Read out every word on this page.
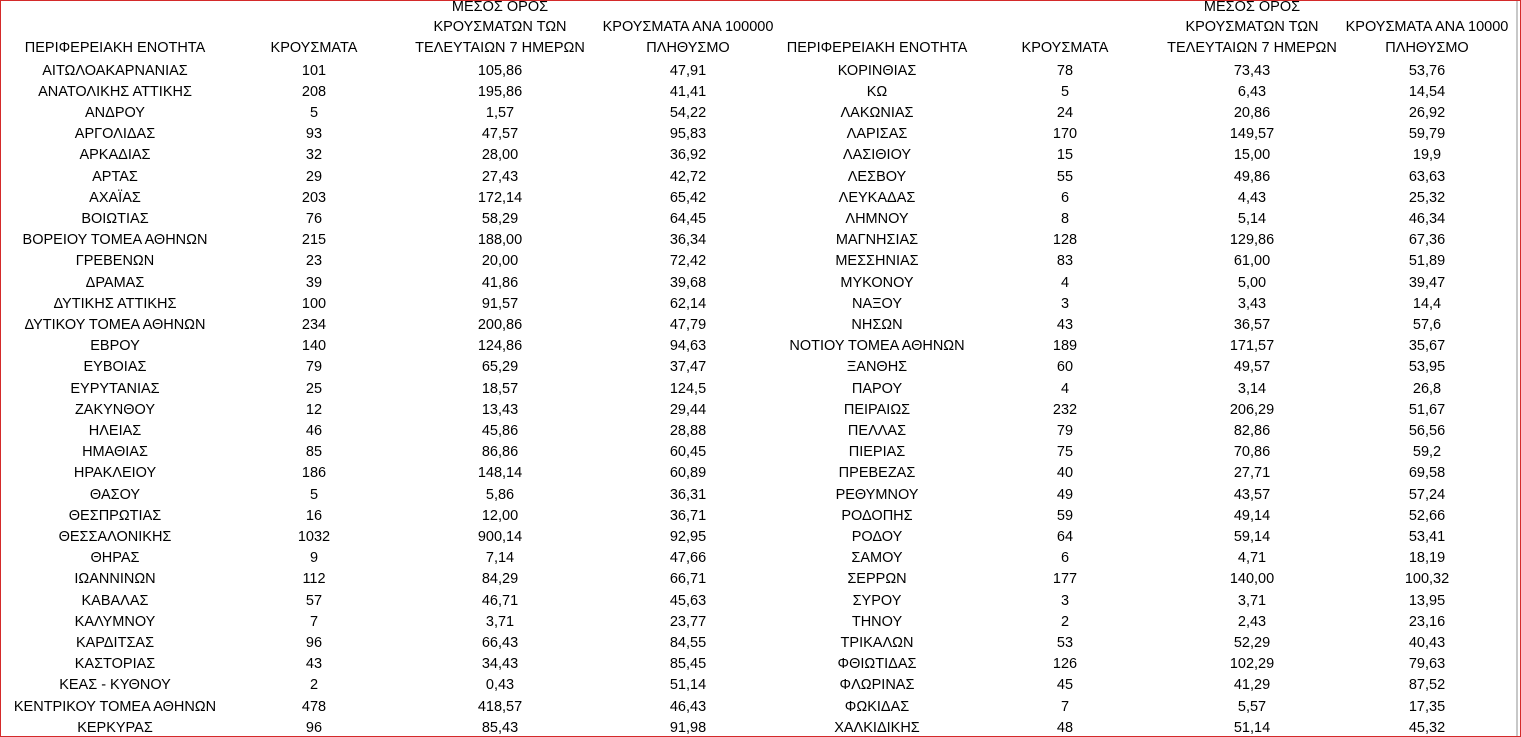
ΠΕΡΙΦΕΡΕΙΑΚΗ ΕΝΟΤΗΤΑ	ΚΡΟΥΣΜΑΤΑ
ΜΕΣΟΣ ΟΡΟΣ
ΚΡΟΥΣΜΑΤΩΝ ΤΩΝ
ΤΕΛΕΥΤΑΙΩΝ 7 ΗΜΕΡΩΝ
ΚΡΟΥΣΜΑΤΑ ΑΝΑ 100000
ΠΛΗΘΥΣΜΟ	ΠΕΡΙΦΕΡΕΙΑΚΗ ΕΝΟΤΗΤΑ	ΚΡΟΥΣΜΑΤΑ
ΜΕΣΟΣ ΟΡΟΣ
ΚΡΟΥΣΜΑΤΩΝ ΤΩΝ
ΤΕΛΕΥΤΑΙΩΝ 7 ΗΜΕΡΩΝ
ΚΡΟΥΣΜΑΤΑ ΑΝΑ 10000
ΠΛΗΘΥΣΜΟ
ΑΙΤΩΛΟΑΚΑΡΝΑΝΙΑΣ	101	105,86	47,91
ΑΝΑΤΟΛΙΚΗΣ ΑΤΤΙΚΗΣ	208	195,86	41,41
ΑΝΔΡΟΥ	5	1,57	54,22
ΑΡΓΟΛΙΔΑΣ	93	47,57	95,83
ΑΡΚΑΔΙΑΣ	32	28,00	36,92
ΑΡΤΑΣ	29	27,43	42,72
ΑΧΑΪΑΣ	203	172,14	65,42
ΒΟΙΩΤΙΑΣ	76	58,29	64,45
ΒΟΡΕΙΟΥ ΤΟΜΕΑ ΑΘΗΝΩΝ	215	188,00	36,34
ΓΡΕΒΕΝΩΝ	23	20,00	72,42
ΔΡΑΜΑΣ	39	41,86	39,68
ΔΥΤΙΚΗΣ ΑΤΤΙΚΗΣ	100	91,57	62,14
ΔΥΤΙΚΟΥ ΤΟΜΕΑ ΑΘΗΝΩΝ	234	200,86	47,79
ΕΒΡΟΥ	140	124,86	94,63
ΕΥΒΟΙΑΣ	79	65,29	37,47
ΕΥΡΥΤΑΝΙΑΣ	25	18,57	124,5
ΖΑΚΥΝΘΟΥ	12	13,43	29,44
ΗΛΕΙΑΣ	46	45,86	28,88
ΗΜΑΘΙΑΣ	85	86,86	60,45
ΗΡΑΚΛΕΙΟΥ	186	148,14	60,89
ΘΑΣΟΥ	5	5,86	36,31
ΘΕΣΠΡΩΤΙΑΣ	16	12,00	36,71
ΘΕΣΣΑΛΟΝΙΚΗΣ	1032	900,14	92,95
ΘΗΡΑΣ	9	7,14	47,66
ΙΩΑΝΝΙΝΩΝ	112	84,29	66,71
ΚΑΒΑΛΑΣ	57	46,71	45,63
ΚΑΛΥΜΝΟΥ	7	3,71	23,77
ΚΑΡΔΙΤΣΑΣ	96	66,43	84,55
ΚΑΣΤΟΡΙΑΣ	43	34,43	85,45
ΚΕΑΣ - ΚΥΘΝΟΥ	2	0,43	51,14
ΚΕΝΤΡΙΚΟΥ ΤΟΜΕΑ ΑΘΗΝΩΝ	478	418,57	46,43
ΚΕΡΚΥΡΑΣ	96	85,43	91,98
ΚΟΡΙΝΘΙΑΣ	78	73,43	53,76
ΚΩ	5	6,43	14,54
ΛΑΚΩΝΙΑΣ	24	20,86	26,92
ΛΑΡΙΣΑΣ	170	149,57	59,79
ΛΑΣΙΘΙΟΥ	15	15,00	19,9
ΛΕΣΒΟΥ	55	49,86	63,63
ΛΕΥΚΑΔΑΣ	6	4,43	25,32
ΛΗΜΝΟΥ	8	5,14	46,34
ΜΑΓΝΗΣΙΑΣ	128	129,86	67,36
ΜΕΣΣΗΝΙΑΣ	83	61,00	51,89
ΜΥΚΟΝΟΥ	4	5,00	39,47
ΝΑΞΟΥ	3	3,43	14,4
ΝΗΣΩΝ	43	36,57	57,6
ΝΟΤΙΟΥ ΤΟΜΕΑ ΑΘΗΝΩΝ	189	171,57	35,67
ΞΑΝΘΗΣ	60	49,57	53,95
ΠΑΡΟΥ	4	3,14	26,8
ΠΕΙΡΑΙΩΣ	232	206,29	51,67
ΠΕΛΛΑΣ	79	82,86	56,56
ΠΙΕΡΙΑΣ	75	70,86	59,2
ΠΡΕΒΕΖΑΣ	40	27,71	69,58
ΡΕΘΥΜΝΟΥ	49	43,57	57,24
ΡΟΔΟΠΗΣ	59	49,14	52,66
ΡΟΔΟΥ	64	59,14	53,41
ΣΑΜΟΥ	6	4,71	18,19
ΣΕΡΡΩΝ	177	140,00	100,32
ΣΥΡΟΥ	3	3,71	13,95
ΤΗΝΟΥ	2	2,43	23,16
ΤΡΙΚΑΛΩΝ	53	52,29	40,43
ΦΘΙΩΤΙΔΑΣ	126	102,29	79,63
ΦΛΩΡΙΝΑΣ	45	41,29	87,52
ΦΩΚΙΔΑΣ	7	5,57	17,35
ΧΑΛΚΙΔΙΚΗΣ	48	51,14	45,32
